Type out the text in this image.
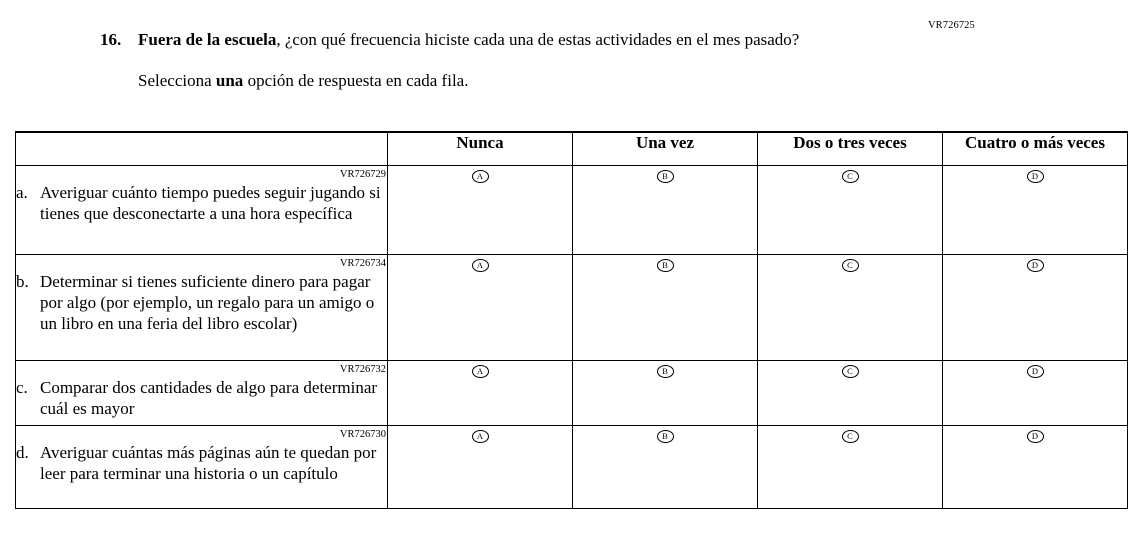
VR726725
16. Fuera de la escuela, ¿con qué frecuencia hiciste cada una de estas actividades en el mes pasado?
Selecciona una opción de respuesta en cada fila.
	Nunca	Una vez	Dos o tres veces	Cuatro o más veces

VR726729
a. Averiguar cuánto tiempo puedes seguir jugando si tienes que desconectarte a una hora específica	A	B	C	D

VR726734
b. Determinar si tienes suficiente dinero para pagar por algo (por ejemplo, un regalo para un amigo o un libro en una feria del libro escolar)	A	B	C	D

VR726732
c. Comparar dos cantidades de algo para determinar cuál es mayor	A	B	C	D

VR726730
d. Averiguar cuántas más páginas aún te quedan por leer para terminar una historia o un capítulo	A	B	C	D
